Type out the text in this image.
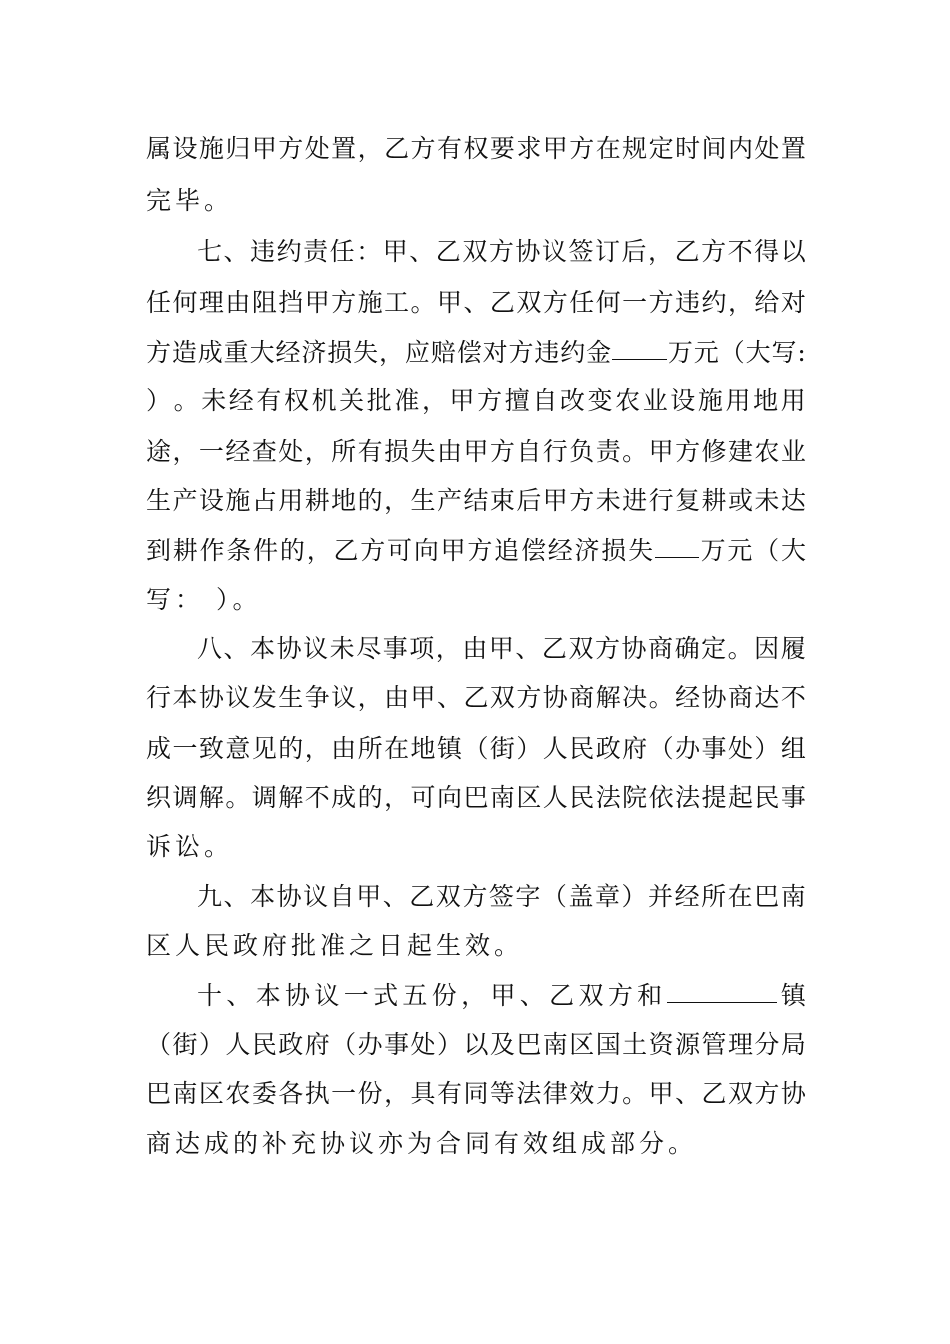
属 设 施 归 甲 方 处 置 ， 乙 方 有 权 要 求 甲 方 在 规 定 时 间 内 处 置
完毕。
七 、 违 约 责 任 ： 甲 、 乙 双 方 协 议 签 订 后 ， 乙 方 不 得 以
任 何 理 由 阻 挡 甲 方 施 工 。 甲 、 乙 双 方 任 何 一 方 违 约 ， 给 对
方 造 成 重 大 经 济 损 失 ， 应 赔 偿 对 方 违 约 金 万 元 （ 大 写 :
） 。 未 经 有 权 机 关 批 准 ， 甲 方 擅 自 改 变 农 业 设 施 用 地 用
途 ， 一 经 查 处 ， 所 有 损 失 由 甲 方 自 行 负 责 。 甲 方 修 建 农 业
生 产 设 施 占 用 耕 地 的 ， 生 产 结 束 后 甲 方 未 进 行 复 耕 或 未 达
到 耕 作 条 件 的 ， 乙 方 可 向 甲 方 追 偿 经 济 损 失 万 元 （ 大
写： ）。
八 、 本 协 议 未 尽 事 项 ， 由 甲 、 乙 双 方 协 商 确 定 。 因 履
行 本 协 议 发 生 争 议 ， 由 甲 、 乙 双 方 协 商 解 决 。 经 协 商 达 不
成 一 致 意 见 的 ， 由 所 在 地 镇 （ 街 ） 人 民 政 府 （ 办 事 处 ） 组
织 调 解 。 调 解 不 成 的 ， 可 向 巴 南 区 人 民 法 院 依 法 提 起 民 事
诉讼。
九 、 本 协 议 自 甲 、 乙 双 方 签 字 （ 盖 章 ） 并 经 所 在 巴 南
区人民政府批准之日起生效。
十 、 本 协 议 一 式 五 份 ， 甲 、 乙 双 方 和	镇
（ 街 ） 人 民 政 府 （ 办 事 处 ） 以 及 巴 南 区 国 土 资 源 管 理 分 局
巴 南 区 农 委 各 执 一 份 ， 具 有 同 等 法 律 效 力 。 甲 、 乙 双 方 协
商达成的补充协议亦为合同有效组成部分。
